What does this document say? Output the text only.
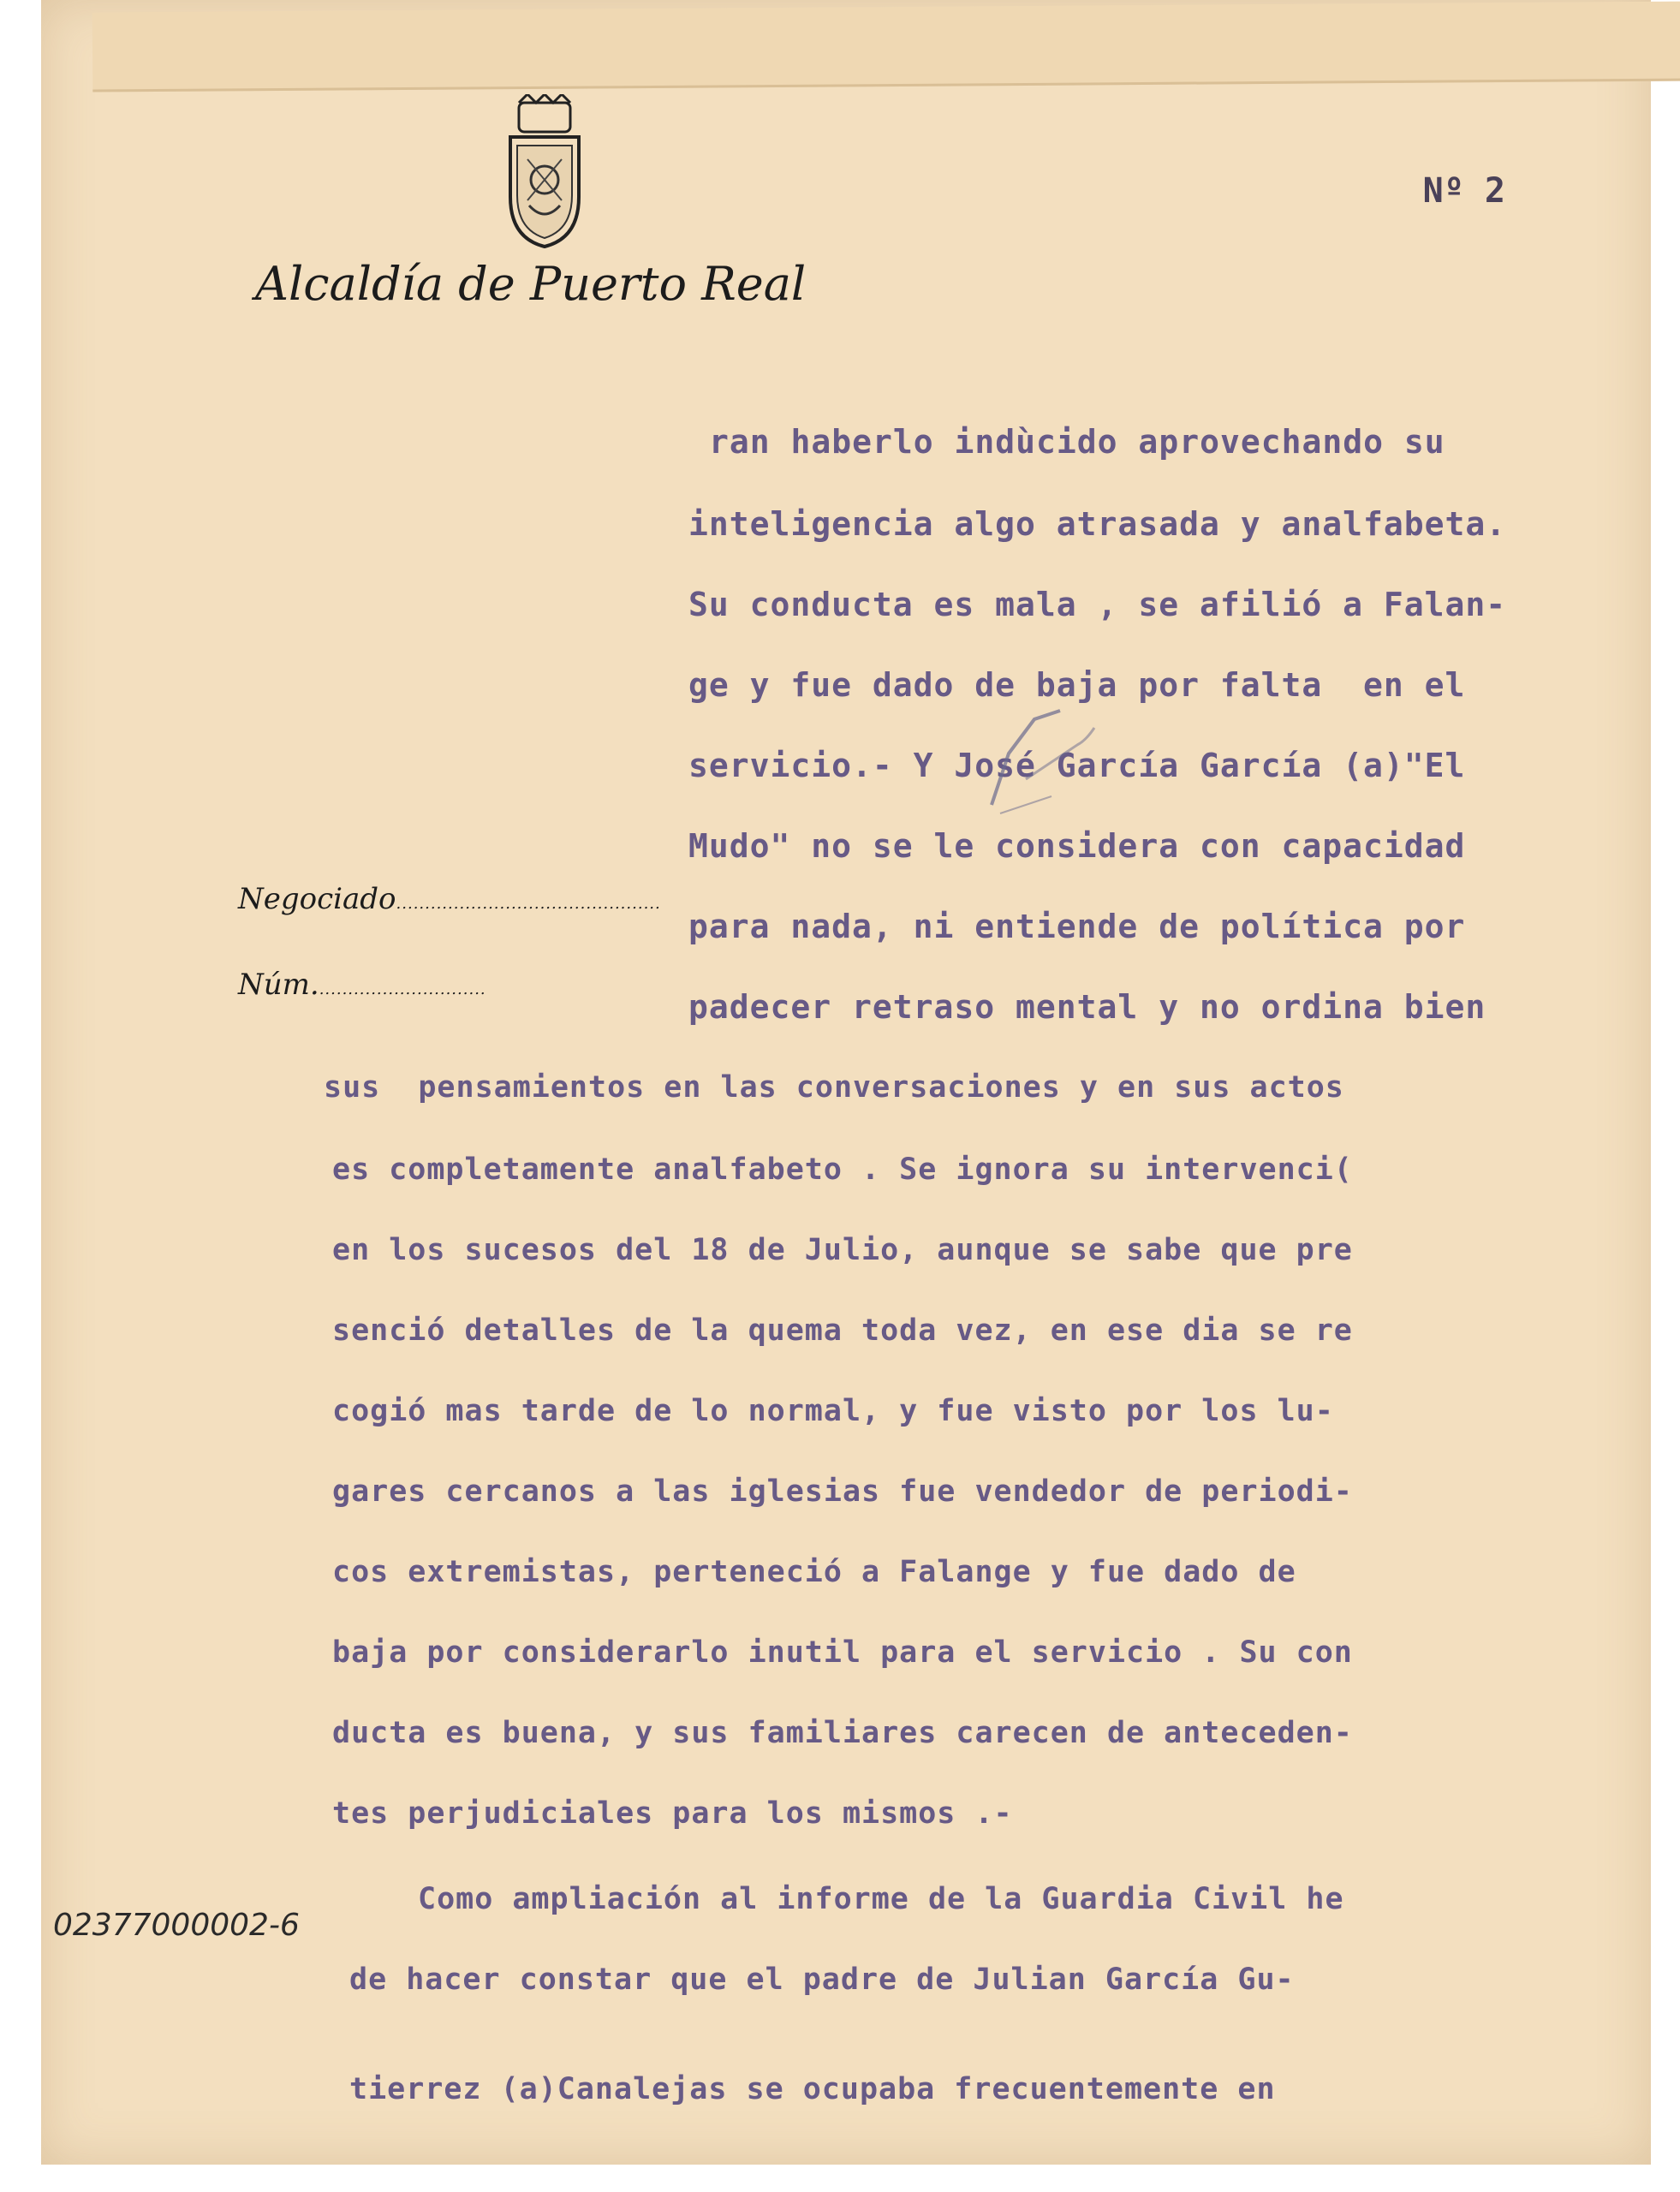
Alcaldía de Puerto Real
Nº 2
Negociado..............................................
Núm..............................
ran haberlo indùcido aprovechando su
inteligencia algo atrasada y analfabeta.
Su conducta es mala , se afilió a Falan-
ge y fue dado de baja por falta  en el
servicio.- Y José García García (a)"El
Mudo" no se le considera con capacidad
para nada, ni entiende de política por
padecer retraso mental y no ordina bien
sus  pensamientos en las conversaciones y en sus actos
es completamente analfabeto . Se ignora su intervenci(
en los sucesos del 18 de Julio, aunque se sabe que pre
senció detalles de la quema toda vez, en ese dia se re
cogió mas tarde de lo normal, y fue visto por los lu-
gares cercanos a las iglesias fue vendedor de periodi-
cos extremistas, perteneció a Falange y fue dado de
baja por considerarlo inutil para el servicio . Su con
ducta es buena, y sus familiares carecen de anteceden-
tes perjudiciales para los mismos .-
Como ampliación al informe de la Guardia Civil he
de hacer constar que el padre de Julian García Gu-
tierrez (a)Canalejas se ocupaba frecuentemente en
02377000002-6
